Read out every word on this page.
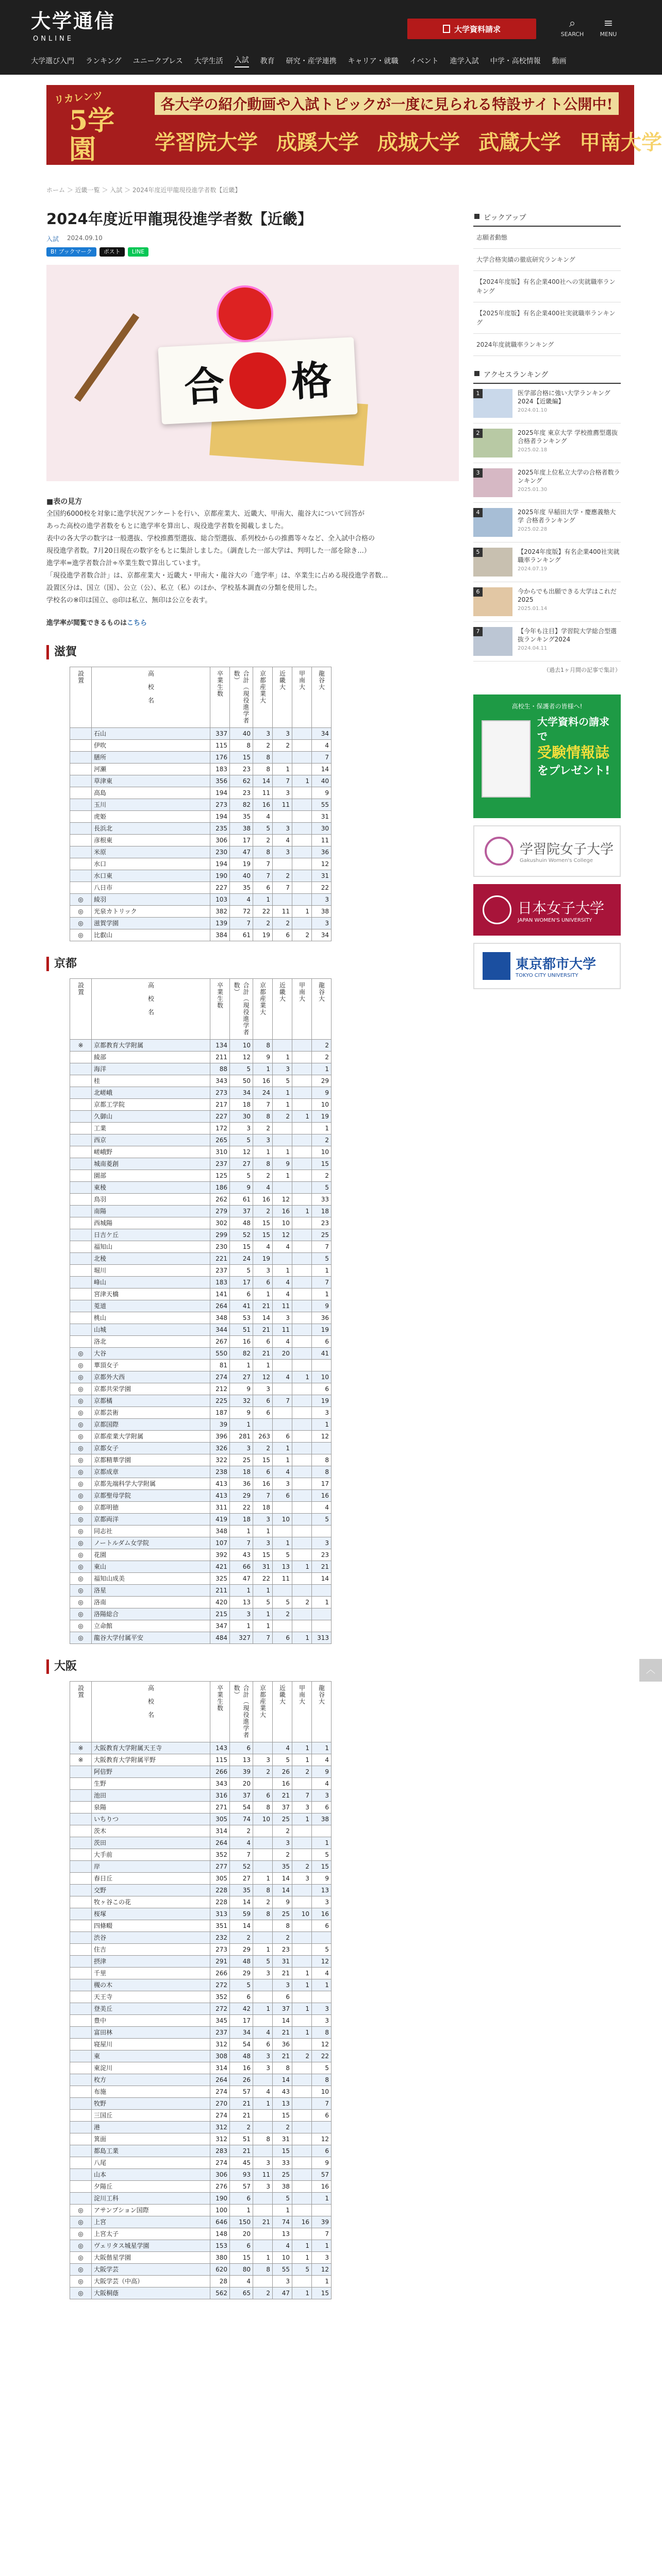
大学通信
ONLINE
大学資料請求	⌕
SEARCH
≡
MENU
大学選び入門 ランキング ユニークプレス 大学生活 入試 教育 研究・産学連携 キャリア・就職 イベント 進学入試 中学・高校情報 動画
リカレンツ
5学園
各大学の紹介動画や入試トピックが一度に見られる特設サイト公開中!
学習院大学 成蹊大学 成城大学 武蔵大学 甲南大学
ホーム ＞ 近畿一覧 ＞ 入試 ＞ 2024年度近甲龍現役進学者数【近畿】
2024年度近甲龍現役進学者数【近畿】
入試 2024.09.10
B! ブックマーク	ポスト	LINE
合 格
■表の見方
全国約6000校を対象に進学状況アンケートを行い、京都産業大、近畿大、甲南大、龍谷大について回答が
あった高校の進学者数をもとに進学率を算出し、現役進学者数を掲載しました。
表中の各大学の数字は一般選抜、学校推薦型選抜、総合型選抜、系列校からの推薦等々など、全入試中合格の
現役進学者数。7月20日現在の数字をもとに集計しました。（調査した一部大学は、判明した一部を除き...）
進学率=進学者数合計÷卒業生数で算出しています。
「現役進学者数合計」は、京都産業大・近畿大・甲南大・龍谷大の「進学率」は、卒業生に占める現役進学者数...
設置区分は、国立（国）、公立（公）、私立（私）のほか、学校基本調査の分類を使用した。
学校名の※印は国立、◎印は私立、無印は公立を表す。

進学率が閲覧できるものはこちら

滋賀
設置	高校名	卒業生数	合計（現役進学者数）	京都産業大	近畿大	甲南大	龍谷大

	石山	337	40	3	3		34
	伊吹	115	8	2	2		4
	膳所	176	15	8			7
	河瀬	183	23	8	1		14
	草津東	356	62	14	7	1	40
	高島	194	23	11	3		9
	玉川	273	82	16	11		55
	虎姫	194	35	4			31
	長浜北	235	38	5	3		30
	彦根東	306	17	2	4		11
	米原	230	47	8	3		36
	水口	194	19	7			12
	水口東	190	40	7	2		31
	八日市	227	35	6	7		22
◎	綾羽	103	4	1			3
◎	光泉カトリック	382	72	22	11	1	38
◎	滋賀学園	139	7	2	2		3
◎	比叡山	384	61	19	6	2	34
京都
設置	高校名	卒業生数	合計（現役進学者数）	京都産業大	近畿大	甲南大	龍谷大

※	京都教育大学附属	134	10	8			2
	綾部	211	12	9	1		2
	海洋	88	5	1	3		1
	桂	343	50	16	5		29
	北嵯峨	273	34	24	1		9
	京都工学院	217	18	7	1		10
	久御山	227	30	8	2	1	19
	工業	172	3	2			1
	西京	265	5	3			2
	嵯峨野	310	12	1	1		10
	城南菱創	237	27	8	9		15
	園部	125	5	2	1		2
	東稜	186	9	4			5
	鳥羽	262	61	16	12		33
	南陽	279	37	2	16	1	18
	西城陽	302	48	15	10		23
	日吉ケ丘	299	52	15	12		25
	福知山	230	15	4	4		7
	北稜	221	24	19			5
	堀川	237	5	3	1		1
	峰山	183	17	6	4		7
	宮津天橋	141	6	1	4		1
	莵道	264	41	21	11		9
	桃山	348	53	14	3		36
	山城	344	51	21	11		19
	洛北	267	16	6	4		6
◎	大谷	550	82	21	20		41
◎	華頂女子	81	1	1			
◎	京都外大西	274	27	12	4	1	10
◎	京都共栄学園	212	9	3			6
◎	京都橘	225	32	6	7		19
◎	京都芸術	187	9	6			3
◎	京都国際	39	1				1
◎	京都産業大学附属	396	281	263	6		12
◎	京都女子	326	3	2	1		
◎	京都精華学園	322	25	15	1		8
◎	京都成章	238	18	6	4		8
◎	京都先端科学大学附属	413	36	16	3		17
◎	京都聖母学院	413	29	7	6		16
◎	京都明徳	311	22	18			4
◎	京都両洋	419	18	3	10		5
◎	同志社	348	1	1			
◎	ノートルダム女学院	107	7	3	1		3
◎	花園	392	43	15	5		23
◎	東山	421	66	31	13	1	21
◎	福知山成美	325	47	22	11		14
◎	洛星	211	1	1			
◎	洛南	420	13	5	5	2	1
◎	洛陽総合	215	3	1	2		
◎	立命館	347	1	1			
◎	龍谷大学付属平安	484	327	7	6	1	313
大阪
設置	高校名	卒業生数	合計（現役進学者数）	京都産業大	近畿大	甲南大	龍谷大

※	大阪教育大学附属天王寺	143	6		4	1	1
※	大阪教育大学附属平野	115	13	3	5	1	4
	阿倍野	266	39	2	26	2	9
	生野	343	20		16		4
	池田	316	37	6	21	7	3
	泉陽	271	54	8	37	3	6
	いちりつ	305	74	10	25	1	38
	茨木	314	2		2		
	茨田	264	4		3		1
	大手前	352	7		2		5
	岸	277	52		35	2	15
	春日丘	305	27	1	14	3	9
	交野	228	35	8	14		13
	牧ヶ谷この花	228	14	2	9		3
	桜塚	313	59	8	25	10	16
	四條畷	351	14		8		6
	渋谷	232	2		2		
	住吉	273	29	1	23		5
	摂津	291	48	5	31		12
	千里	266	29	3	21	1	4
	槻の木	272	5		3	1	1
	天王寺	352	6		6		
	登美丘	272	42	1	37	1	3
	豊中	345	17		14		3
	富田林	237	34	4	21	1	8
	寝屋川	312	54	6	36		12
	東	308	48	3	21	2	22
	東淀川	314	16	3	8		5
	枚方	264	26		14		8
	布施	274	57	4	43		10
	牧野	270	21	1	13		7
	三国丘	274	21		15		6
	港	312	2		2		
	箕面	312	51	8	31		12
	都島工業	283	21		15		6
	八尾	274	45	3	33		9
	山本	306	93	11	25		57
	夕陽丘	276	57	3	38		16
	淀川工科	190	6		5		1
◎	アサンプション国際	100	1		1		
◎	上宮	646	150	21	74	16	39
◎	上宮太子	148	20		13		7
◎	ヴェリタス城星学園	153	6		4	1	1
◎	大阪偕星学園	380	15	1	10	1	3
◎	大阪学芸	620	80	8	55	5	12
◎	大阪学芸（中高）	28	4		3		1
◎	大阪桐蔭	562	65	2	47	1	15
ピックアップ
志願者動態
大学合格実績の徹底研究ランキング
【2024年度版】有名企業400社への実就職率ランキング
【2025年度版】有名企業400社実就職率ランキング
2024年度就職率ランキング
アクセスランキング
1	医学部合格に強い大学ランキング2024【近畿編】
2024.01.10
2	2025年度 東京大学 学校推薦型選抜 合格者ランキング
2025.02.18
3	2025年度上位私立大学の合格者数ランキング
2025.01.30
4	2025年度 早稲田大学・慶應義塾大学 合格者ランキング
2025.02.28
5	【2024年度版】有名企業400社実就職率ランキング
2024.07.19
6	今からでも出願できる大学はこれだ 2025
2025.01.14
7	【今年も注目】学習院大学総合型選抜ランキング2024
2024.04.11
（過去1ヶ月間の記事で集計）
高校生・保護者の皆様へ!
大学資料の請求で
受験情報誌
をプレゼント!
学習院女子大学
Gakushuin Women's College
日本女子大学
JAPAN WOMEN'S UNIVERSITY
東京都市大学
TOKYO CITY UNIVERSITY
︿
